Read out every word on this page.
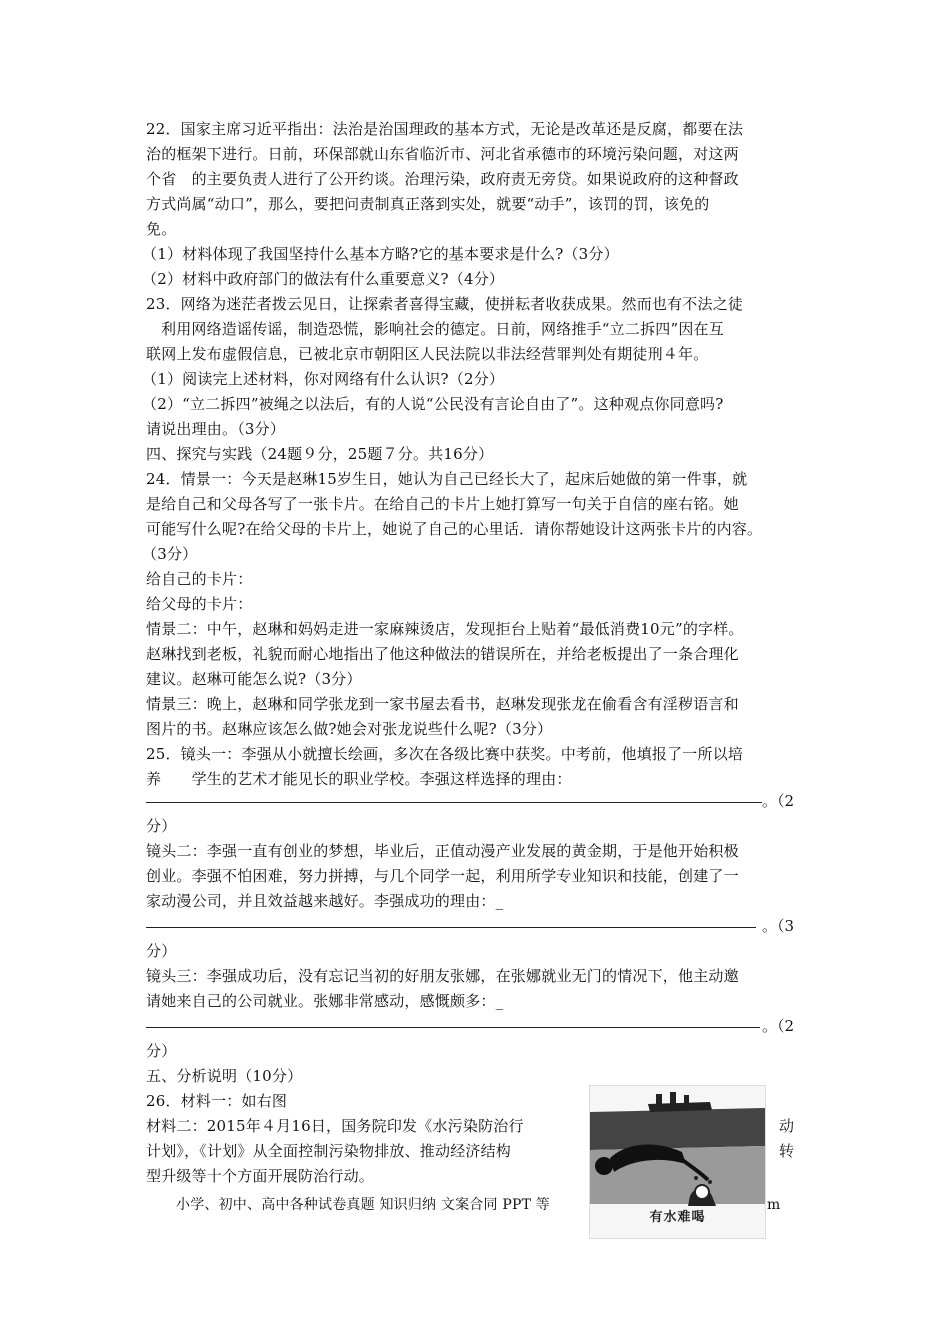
22．国家主席习近平指出：法治是治国理政的基本方式，无论是改革还是反腐，都要在法
治的框架下进行。日前，环保部就山东省临沂市、河北省承德市的环境污染问题，对这两
个省　的主要负责人进行了公开约谈。治理污染，政府责无旁贷。如果说政府的这种督政
方式尚属“动口”，那么，要把问责制真正落到实处，就要“动手”，该罚的罚，该免的
免。
（1）材料体现了我国坚持什么基本方略?它的基本要求是什么?（3分）
（2）材料中政府部门的做法有什么重要意义?（4分）
23．网络为迷茫者拨云见日，让探索者喜得宝藏，使拼耘者收获成果。然而也有不法之徒
利用网络造谣传谣，制造恐慌，影响社会的德定。日前，网络推手“立二拆四”因在互
联网上发布虚假信息，已被北京市朝阳区人民法院以非法经营罪判处有期徒刑４年。
（1）阅读完上述材料，你对网络有什么认识?（2分）
（2）“立二拆四”被绳之以法后，有的人说“公民没有言论自由了”。这种观点你同意吗?
请说出理由。（3分）
四、探究与实践（24题９分，25题７分。共16分）
24．情景一：今天是赵琳15岁生日，她认为自己已经长大了，起床后她做的第一件事，就
是给自己和父母各写了一张卡片。在给自己的卡片上她打算写一句关于自信的座右铭。她
可能写什么呢?在给父母的卡片上，她说了自己的心里话．请你帮她设计这两张卡片的内容。
（3分）
给自己的卡片：
给父母的卡片：
情景二：中午，赵琳和妈妈走进一家麻辣烫店，发现拒台上贴着“最低消费10元”的字样。
赵琳找到老板，礼貌而耐心地指出了他这种做法的错误所在，并给老板提出了一条合理化
建议。赵琳可能怎么说?（3分）
情景三：晚上，赵琳和同学张龙到一家书屋去看书，赵琳发现张龙在偷看含有淫秽语言和
图片的书。赵琳应该怎么做?她会对张龙说些什么呢?（3分）
25．镜头一：李强从小就擅长绘画，多次在各级比赛中获奖。中考前，他填报了一所以培
养　　学生的艺术才能见长的职业学校。李强这样选择的理由：
。（2
分）
镜头二：李强一直有创业的梦想，毕业后，正值动漫产业发展的黄金期，于是他开始积极
创业。李强不怕困难，努力拼搏，与几个同学一起，利用所学专业知识和技能，创建了一
家动漫公司，并且效益越来越好。李强成功的理由：_
。（3
分）
镜头三：李强成功后，没有忘记当初的好朋友张娜，在张娜就业无门的情况下，他主动邀
请她来自己的公司就业。张娜非常感动，感慨颇多：_
。（2
分）
五、分析说明（10分）
26．材料一：如右图
材料二：2015年４月16日，国务院印发《水污染防治行	动
计划》，《计划》从全面控制污染物排放、推动经济结构	转
型升级等十个方面开展防治行动。
小学、初中、高中各种试卷真题 知识归纳 文案合同 PPT 等	m
有水难喝
